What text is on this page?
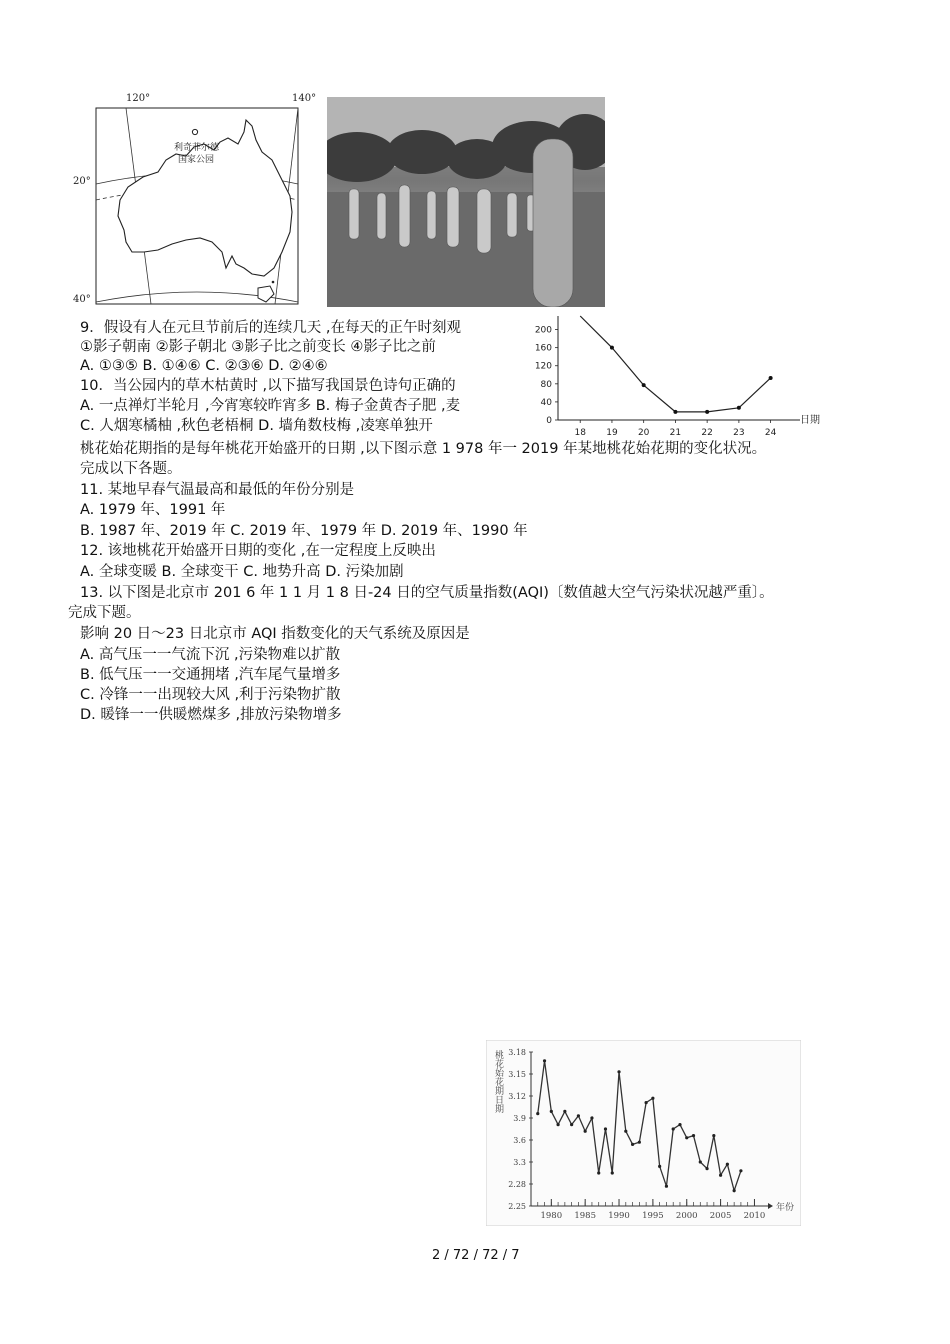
120°	140°
20°
40°
利奇菲尔德
国家公园
0
40
80
120
160
200
18 19 20 21 22 23 24
日期
9．假设有人在元旦节前后的连续几天 ,在每天的正午时刻观
①影子朝南 ②影子朝北 ③影子比之前变长 ④影子比之前
A. ①③⑤ B. ①④⑥ C. ②③⑥ D. ②④⑥
10．当公园内的草木枯黄时 ,以下描写我国景色诗句正确的
A. 一点禅灯半轮月 ,今宵寒较昨宵多 B. 梅子金黄杏子肥 ,麦
C. 人烟寒橘柚 ,秋色老梧桐 D. 墙角数枝梅 ,凌寒单独开
桃花始花期指的是每年桃花开始盛开的日期 ,以下图示意 1 978 年一 2019 年某地桃花始花期的变化状况。
完成以下各题。
11. 某地早春气温最高和最低的年份分别是
A. 1979 年、1991 年
B. 1987 年、2019 年 C. 2019 年、1979 年 D. 2019 年、1990 年
12. 该地桃花开始盛开日期的变化 ,在一定程度上反映出
A. 全球变暖 B. 全球变干 C. 地势升高 D. 污染加剧
13. 以下图是北京市 201 6 年 1 1 月 1 8 日-24 日的空气质量指数(AQI)〔数值越大空气污染状况越严重〕。
完成下题。
影响 20 日～23 日北京市 AQI 指数变化的天气系统及原因是
A. 高气压一一气流下沉 ,污染物难以扩散
B. 低气压一一交通拥堵 ,汽车尾气量增多
C. 冷锋一一出现较大风 ,利于污染物扩散
D. 暖锋一一供暖燃煤多 ,排放污染物增多
2.25
2.28
3.3
3.6
3.9
3.12
3.15
3.18
1980 1985 1990 1995 2000 2005 2010
年份
桃花始花期日期
2 / 72 / 72 / 7
